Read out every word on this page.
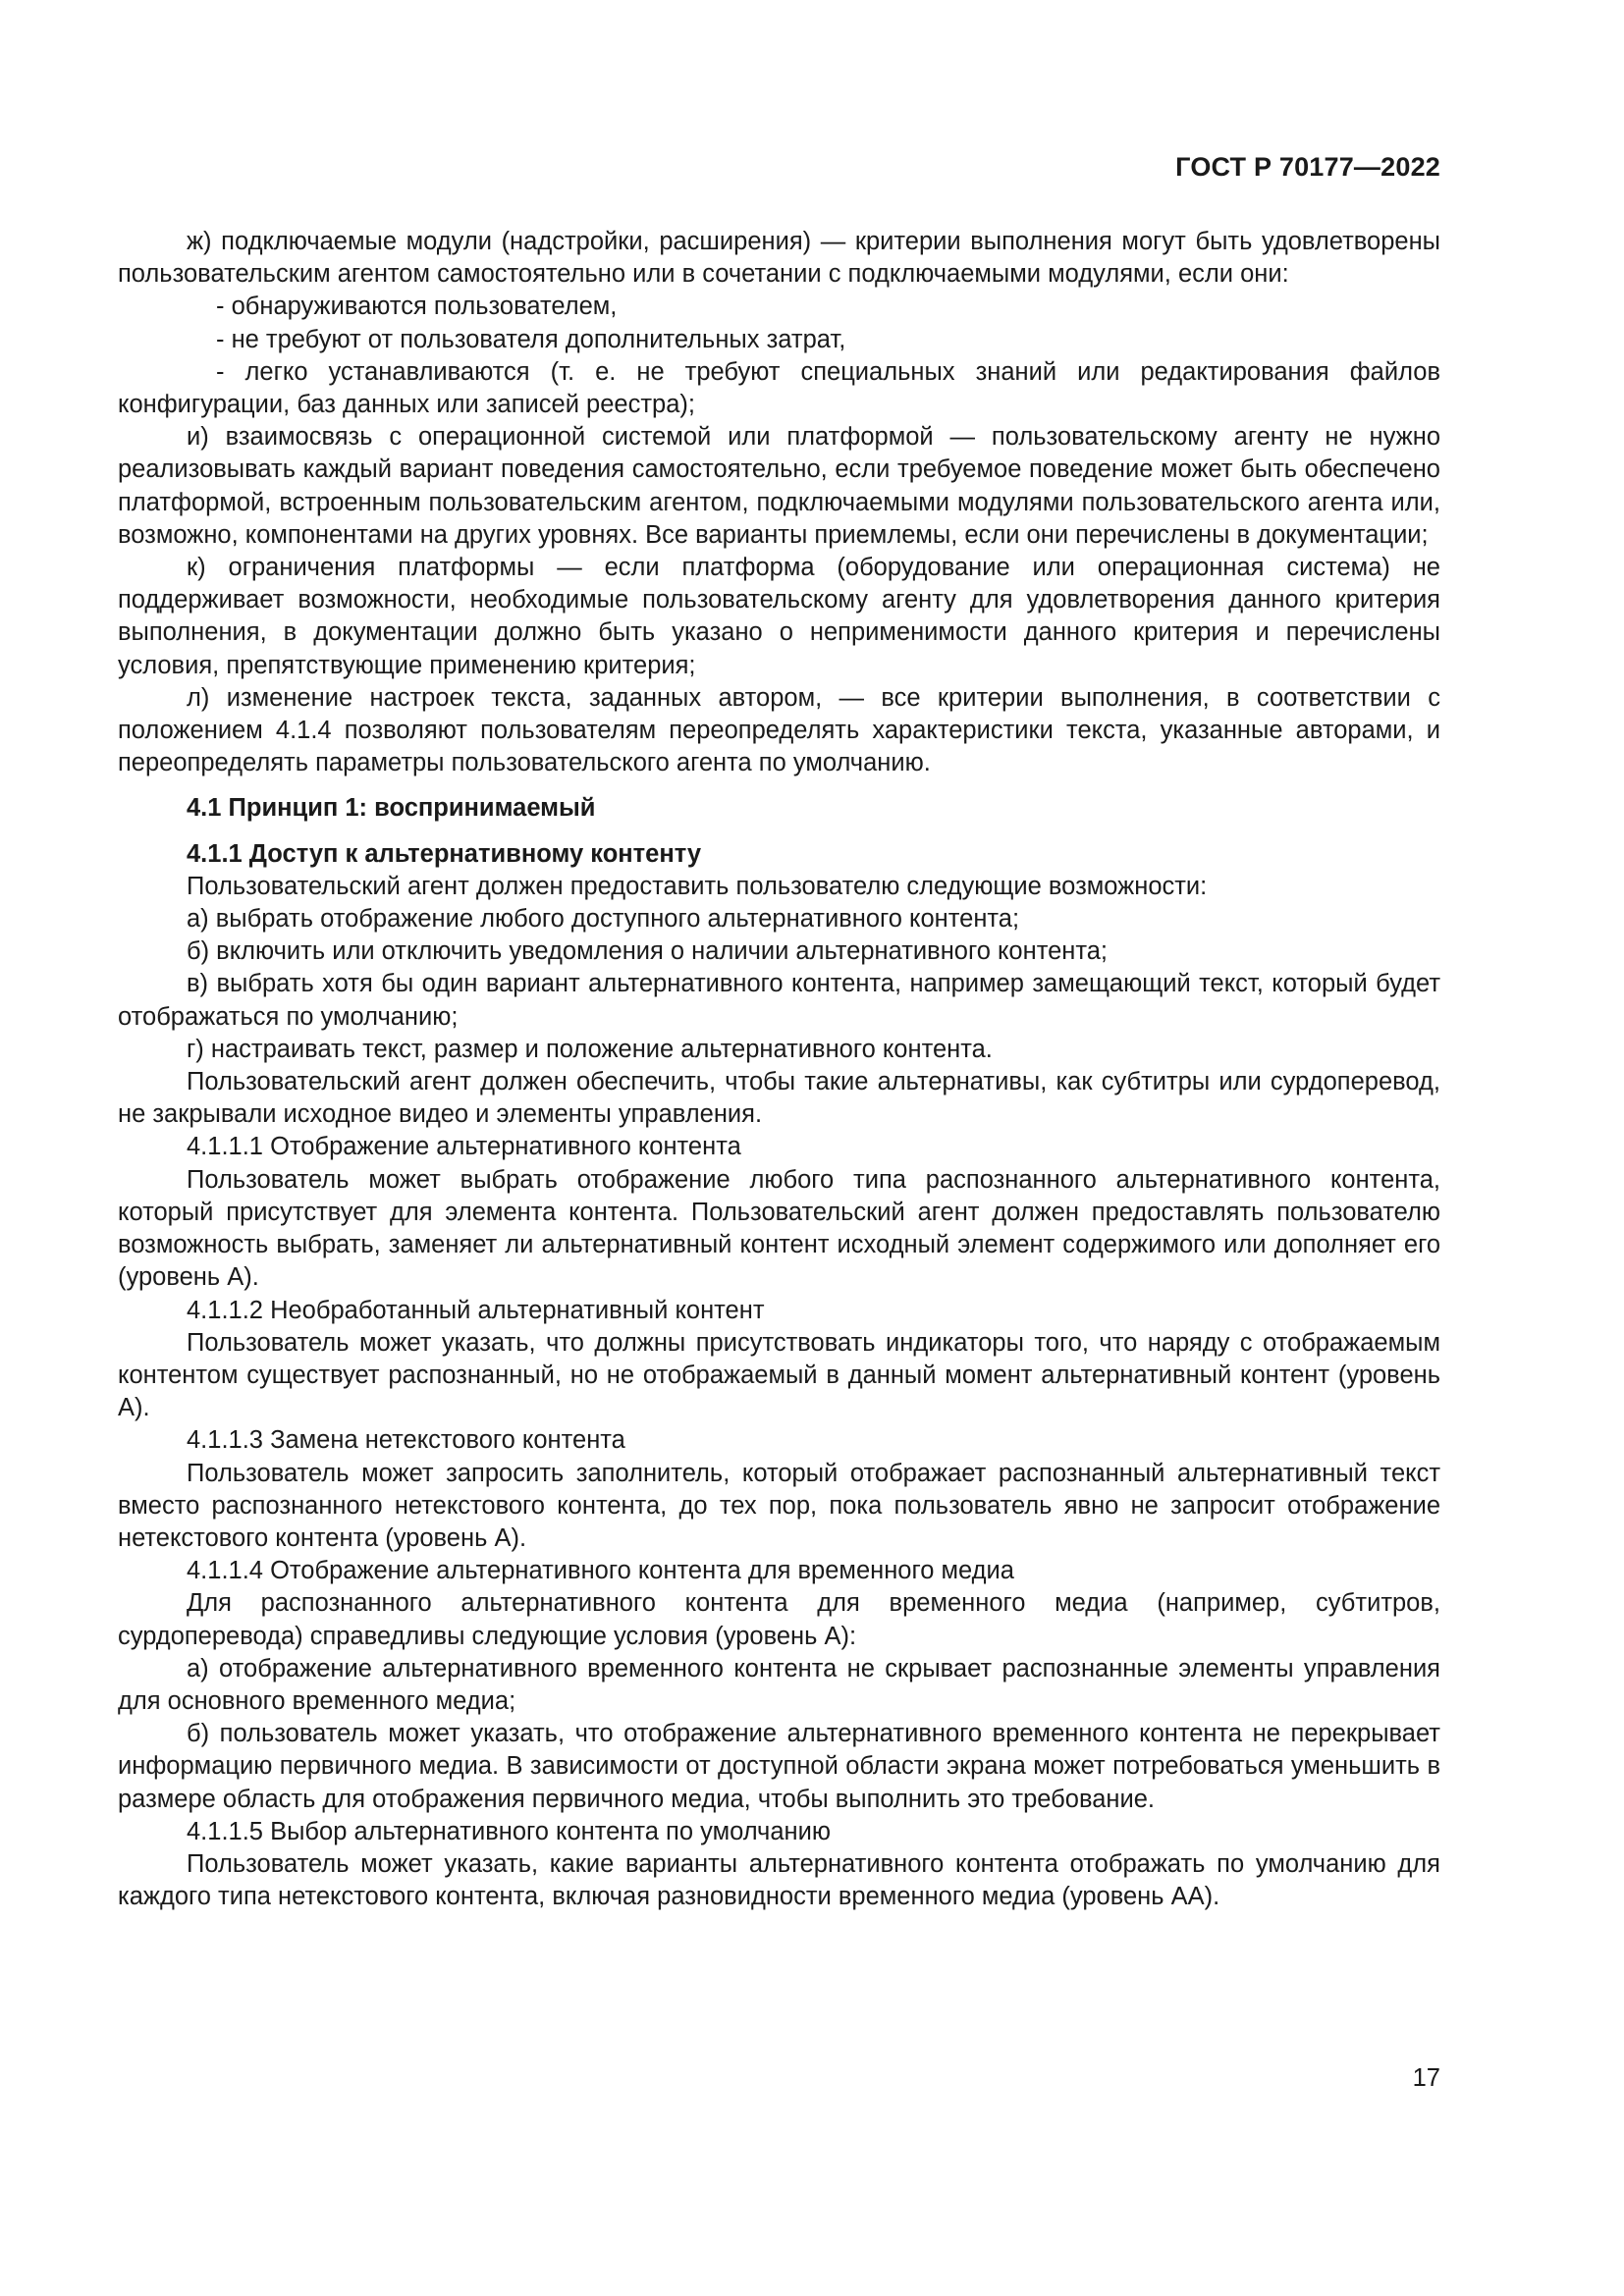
ГОСТ Р 70177—2022

ж) подключаемые модули (надстройки, расширения) — критерии выполнения могут быть удовлетворены пользовательским агентом самостоятельно или в сочетании с подключаемыми модулями, если они:

- обнаруживаются пользователем,

- не требуют от пользователя дополнительных затрат,

- легко устанавливаются (т. е. не требуют специальных знаний или редактирования файлов конфигурации, баз данных или записей реестра);

и) взаимосвязь с операционной системой или платформой — пользовательскому агенту не нужно реализовывать каждый вариант поведения самостоятельно, если требуемое поведение может быть обеспечено платформой, встроенным пользовательским агентом, подключаемыми модулями пользовательского агента или, возможно, компонентами на других уровнях. Все варианты приемлемы, если они перечислены в документации;

к) ограничения платформы — если платформа (оборудование или операционная система) не поддерживает возможности, необходимые пользовательскому агенту для удовлетворения данного критерия выполнения, в документации должно быть указано о неприменимости данного критерия и перечислены условия, препятствующие применению критерия;

л) изменение настроек текста, заданных автором, — все критерии выполнения, в соответствии с положением 4.1.4 позволяют пользователям переопределять характеристики текста, указанные авторами, и переопределять параметры пользовательского агента по умолчанию.

4.1 Принцип 1: воспринимаемый

4.1.1 Доступ к альтернативному контенту

Пользовательский агент должен предоставить пользователю следующие возможности:

а) выбрать отображение любого доступного альтернативного контента;

б) включить или отключить уведомления о наличии альтернативного контента;

в) выбрать хотя бы один вариант альтернативного контента, например замещающий текст, который будет отображаться по умолчанию;

г) настраивать текст, размер и положение альтернативного контента.

Пользовательский агент должен обеспечить, чтобы такие альтернативы, как субтитры или сурдоперевод, не закрывали исходное видео и элементы управления.

4.1.1.1 Отображение альтернативного контента

Пользователь может выбрать отображение любого типа распознанного альтернативного контента, который присутствует для элемента контента. Пользовательский агент должен предоставлять пользователю возможность выбрать, заменяет ли альтернативный контент исходный элемент содержимого или дополняет его (уровень А).

4.1.1.2 Необработанный альтернативный контент

Пользователь может указать, что должны присутствовать индикаторы того, что наряду с отображаемым контентом существует распознанный, но не отображаемый в данный момент альтернативный контент (уровень А).

4.1.1.3 Замена нетекстового контента

Пользователь может запросить заполнитель, который отображает распознанный альтернативный текст вместо распознанного нетекстового контента, до тех пор, пока пользователь явно не запросит отображение нетекстового контента (уровень А).

4.1.1.4 Отображение альтернативного контента для временного медиа

Для распознанного альтернативного контента для временного медиа (например, субтитров, сурдоперевода) справедливы следующие условия (уровень А):

а) отображение альтернативного временного контента не скрывает распознанные элементы управления для основного временного медиа;

б) пользователь может указать, что отображение альтернативного временного контента не перекрывает информацию первичного медиа. В зависимости от доступной области экрана может потребоваться уменьшить в размере область для отображения первичного медиа, чтобы выполнить это требование.

4.1.1.5 Выбор альтернативного контента по умолчанию

Пользователь может указать, какие варианты альтернативного контента отображать по умолчанию для каждого типа нетекстового контента, включая разновидности временного медиа (уровень АА).

17
